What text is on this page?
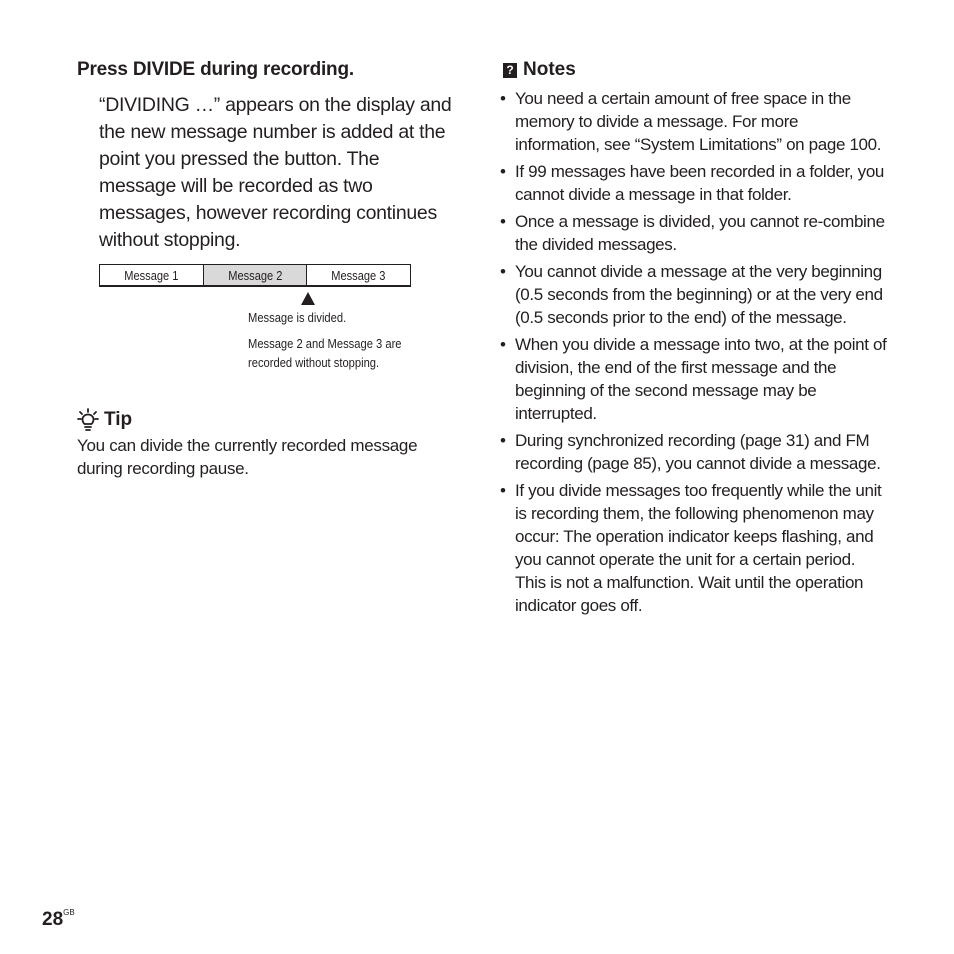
Press DIVIDE during recording.

“DIVIDING …” appears on the display and the new message number is added at the point you pressed the button. The message will be recorded as two messages, however recording continues without stopping.

Message 1	Message 2	Message 3
Message is divided.
Message 2 and Message 3 are
recorded without stopping.
Tip
You can divide the currently recorded message during recording pause.
? Notes
• You need a certain amount of free space in the memory to divide a message. For more information, see “System Limitations” on page 100.
• If 99 messages have been recorded in a folder, you cannot divide a message in that folder.
• Once a message is divided, you cannot re-combine the divided messages.
• You cannot divide a message at the very beginning (0.5 seconds from the beginning) or at the very end (0.5 seconds prior to the end) of the message.
• When you divide a message into two, at the point of division, the end of the first message and the beginning of the second message may be interrupted.
• During synchronized recording (page 31) and FM recording (page 85), you cannot divide a message.
• If you divide messages too frequently while the unit is recording them, the following phenomenon may occur: The operation indicator keeps flashing, and you cannot operate the unit for a certain period. This is not a malfunction. Wait until the operation indicator goes off.
$28^{GB}$
